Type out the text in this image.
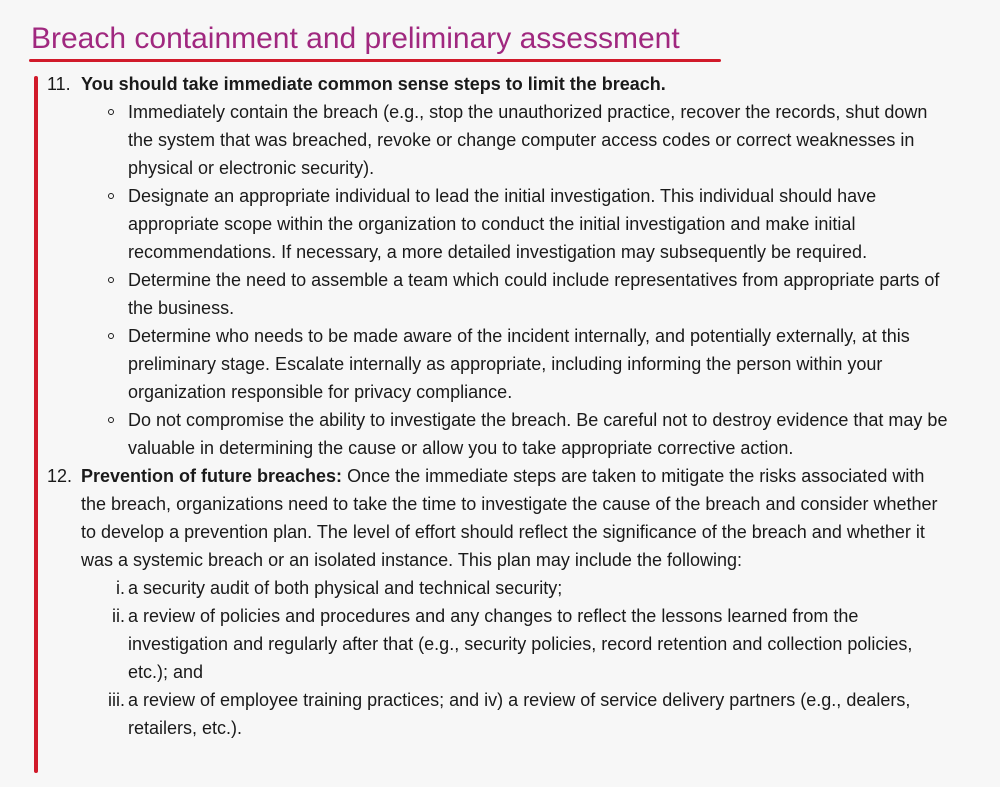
Breach containment and preliminary assessment
11. You should take immediate common sense steps to limit the breach.
Immediately contain the breach (e.g., stop the unauthorized practice, recover the records, shut down the system that was breached, revoke or change computer access codes or correct weaknesses in physical or electronic security).
Designate an appropriate individual to lead the initial investigation. This individual should have appropriate scope within the organization to conduct the initial investigation and make initial recommendations. If necessary, a more detailed investigation may subsequently be required.
Determine the need to assemble a team which could include representatives from appropriate parts of the business.
Determine who needs to be made aware of the incident internally, and potentially externally, at this preliminary stage. Escalate internally as appropriate, including informing the person within your organization responsible for privacy compliance.
Do not compromise the ability to investigate the breach. Be careful not to destroy evidence that may be valuable in determining the cause or allow you to take appropriate corrective action.
12. Prevention of future breaches: Once the immediate steps are taken to mitigate the risks associated with the breach, organizations need to take the time to investigate the cause of the breach and consider whether to develop a prevention plan. The level of effort should reflect the significance of the breach and whether it was a systemic breach or an isolated instance. This plan may include the following:
i. a security audit of both physical and technical security;
ii. a review of policies and procedures and any changes to reflect the lessons learned from the investigation and regularly after that (e.g., security policies, record retention and collection policies, etc.); and
iii. a review of employee training practices; and iv) a review of service delivery partners (e.g., dealers, retailers, etc.).
